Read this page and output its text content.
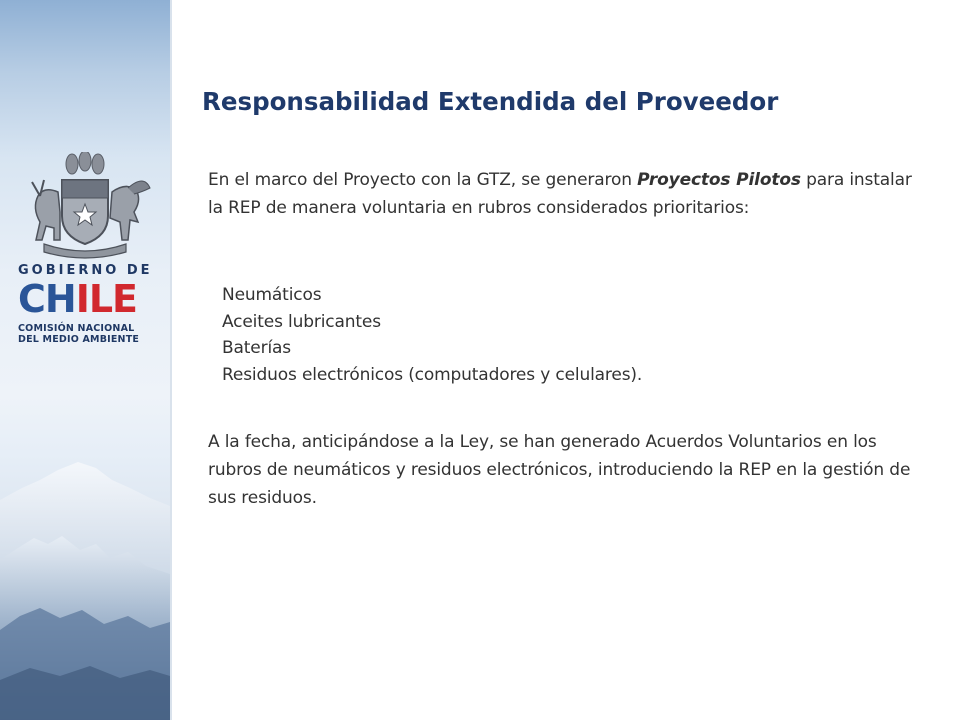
GOBIERNO DE
CH ILE
COMISIÓN NACIONAL
DEL MEDIO AMBIENTE
Responsabilidad Extendida del Proveedor
En el marco del Proyecto con la GTZ, se generaron Proyectos Pilotos para instalar la REP de manera voluntaria en rubros considerados prioritarios:
Neumáticos
Aceites lubricantes
Baterías
Residuos electrónicos (computadores y celulares).
A la fecha, anticipándose a la Ley, se han generado Acuerdos Voluntarios en los rubros de neumáticos y residuos electrónicos, introduciendo la REP en la gestión de sus residuos.
